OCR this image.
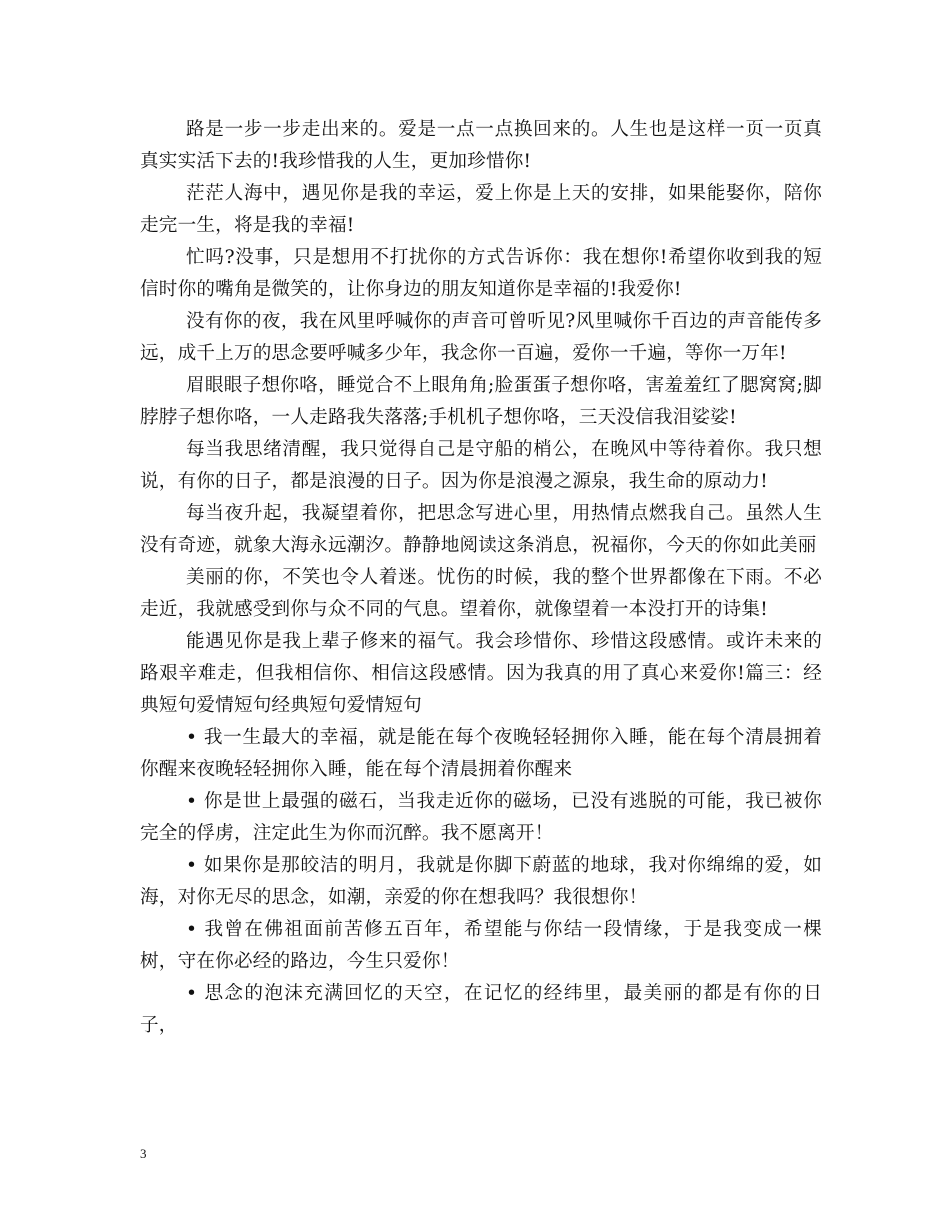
路是一步一步走出来的。爱是一点一点换回来的。人生也是这样一页一页真真实实活下去的!我珍惜我的人生，更加珍惜你!

茫茫人海中，遇见你是我的幸运，爱上你是上天的安排，如果能娶你，陪你走完一生，将是我的幸福!

忙吗?没事，只是想用不打扰你的方式告诉你：我在想你!希望你收到我的短信时你的嘴角是微笑的，让你身边的朋友知道你是幸福的!我爱你!

没有你的夜，我在风里呼喊你的声音可曾听见?风里喊你千百边的声音能传多远，成千上万的思念要呼喊多少年，我念你一百遍，爱你一千遍，等你一万年!

眉眼眼子想你咯，睡觉合不上眼角角;脸蛋蛋子想你咯，害羞羞红了腮窝窝;脚脖脖子想你咯，一人走路我失落落;手机机子想你咯，三天没信我泪娑娑!

每当我思绪清醒，我只觉得自己是守船的梢公，在晚风中等待着你。我只想说，有你的日子，都是浪漫的日子。因为你是浪漫之源泉，我生命的原动力!

每当夜升起，我凝望着你，把思念写进心里，用热情点燃我自己。虽然人生没有奇迹，就象大海永远潮汐。静静地阅读这条消息，祝福你，今天的你如此美丽

美丽的你，不笑也令人着迷。忧伤的时候，我的整个世界都像在下雨。不必走近，我就感受到你与众不同的气息。望着你，就像望着一本没打开的诗集!

能遇见你是我上辈子修来的福气。我会珍惜你、珍惜这段感情。或许未来的路艰辛难走，但我相信你、相信这段感情。因为我真的用了真心来爱你!篇三：经典短句爱情短句经典短句爱情短句

• 我一生最大的幸福，就是能在每个夜晚轻轻拥你入睡，能在每个清晨拥着你醒来夜晚轻轻拥你入睡，能在每个清晨拥着你醒来

• 你是世上最强的磁石，当我走近你的磁场，已没有逃脱的可能，我已被你完全的俘虏，注定此生为你而沉醉。我不愿离开！

• 如果你是那皎洁的明月，我就是你脚下蔚蓝的地球，我对你绵绵的爱，如海，对你无尽的思念，如潮，亲爱的你在想我吗？我很想你！

• 我曾在佛祖面前苦修五百年，希望能与你结一段情缘，于是我变成一棵树，守在你必经的路边，今生只爱你！

• 思念的泡沫充满回忆的天空，在记忆的经纬里，最美丽的都是有你的日子，

3
